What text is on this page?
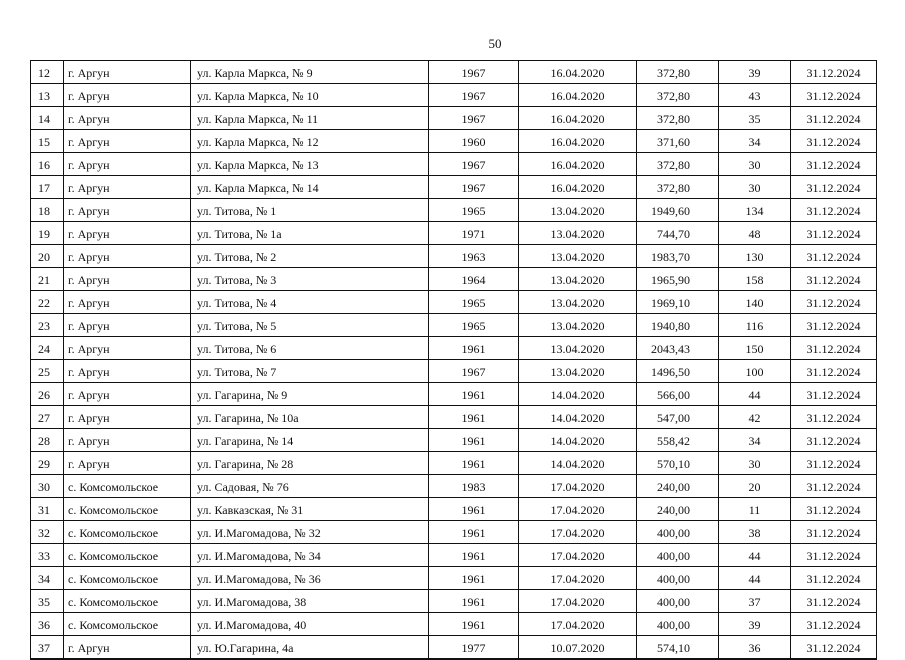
50
12	г. Аргун	ул. Карла Маркса, № 9	1967	16.04.2020	372,80	39	31.12.2024
13	г. Аргун	ул. Карла Маркса, № 10	1967	16.04.2020	372,80	43	31.12.2024
14	г. Аргун	ул. Карла Маркса, № 11	1967	16.04.2020	372,80	35	31.12.2024
15	г. Аргун	ул. Карла Маркса, № 12	1960	16.04.2020	371,60	34	31.12.2024
16	г. Аргун	ул. Карла Маркса, № 13	1967	16.04.2020	372,80	30	31.12.2024
17	г. Аргун	ул. Карла Маркса, № 14	1967	16.04.2020	372,80	30	31.12.2024
18	г. Аргун	ул. Титова, № 1	1965	13.04.2020	1949,60	134	31.12.2024
19	г. Аргун	ул. Титова, № 1а	1971	13.04.2020	744,70	48	31.12.2024
20	г. Аргун	ул. Титова, № 2	1963	13.04.2020	1983,70	130	31.12.2024
21	г. Аргун	ул. Титова, № 3	1964	13.04.2020	1965,90	158	31.12.2024
22	г. Аргун	ул. Титова, № 4	1965	13.04.2020	1969,10	140	31.12.2024
23	г. Аргун	ул. Титова, № 5	1965	13.04.2020	1940,80	116	31.12.2024
24	г. Аргун	ул. Титова, № 6	1961	13.04.2020	2043,43	150	31.12.2024
25	г. Аргун	ул. Титова, № 7	1967	13.04.2020	1496,50	100	31.12.2024
26	г. Аргун	ул. Гагарина, № 9	1961	14.04.2020	566,00	44	31.12.2024
27	г. Аргун	ул. Гагарина, № 10а	1961	14.04.2020	547,00	42	31.12.2024
28	г. Аргун	ул. Гагарина, № 14	1961	14.04.2020	558,42	34	31.12.2024
29	г. Аргун	ул. Гагарина, № 28	1961	14.04.2020	570,10	30	31.12.2024
30	с. Комсомольское	ул. Садовая, № 76	1983	17.04.2020	240,00	20	31.12.2024
31	с. Комсомольское	ул. Кавказская, № 31	1961	17.04.2020	240,00	11	31.12.2024
32	с. Комсомольское	ул. И.Магомадова, № 32	1961	17.04.2020	400,00	38	31.12.2024
33	с. Комсомольское	ул. И.Магомадова, № 34	1961	17.04.2020	400,00	44	31.12.2024
34	с. Комсомольское	ул. И.Магомадова, № 36	1961	17.04.2020	400,00	44	31.12.2024
35	с. Комсомольское	ул. И.Магомадова, 38	1961	17.04.2020	400,00	37	31.12.2024
36	с. Комсомольское	ул. И.Магомадова, 40	1961	17.04.2020	400,00	39	31.12.2024
37	г. Аргун	ул. Ю.Гагарина, 4а	1977	10.07.2020	574,10	36	31.12.2024
